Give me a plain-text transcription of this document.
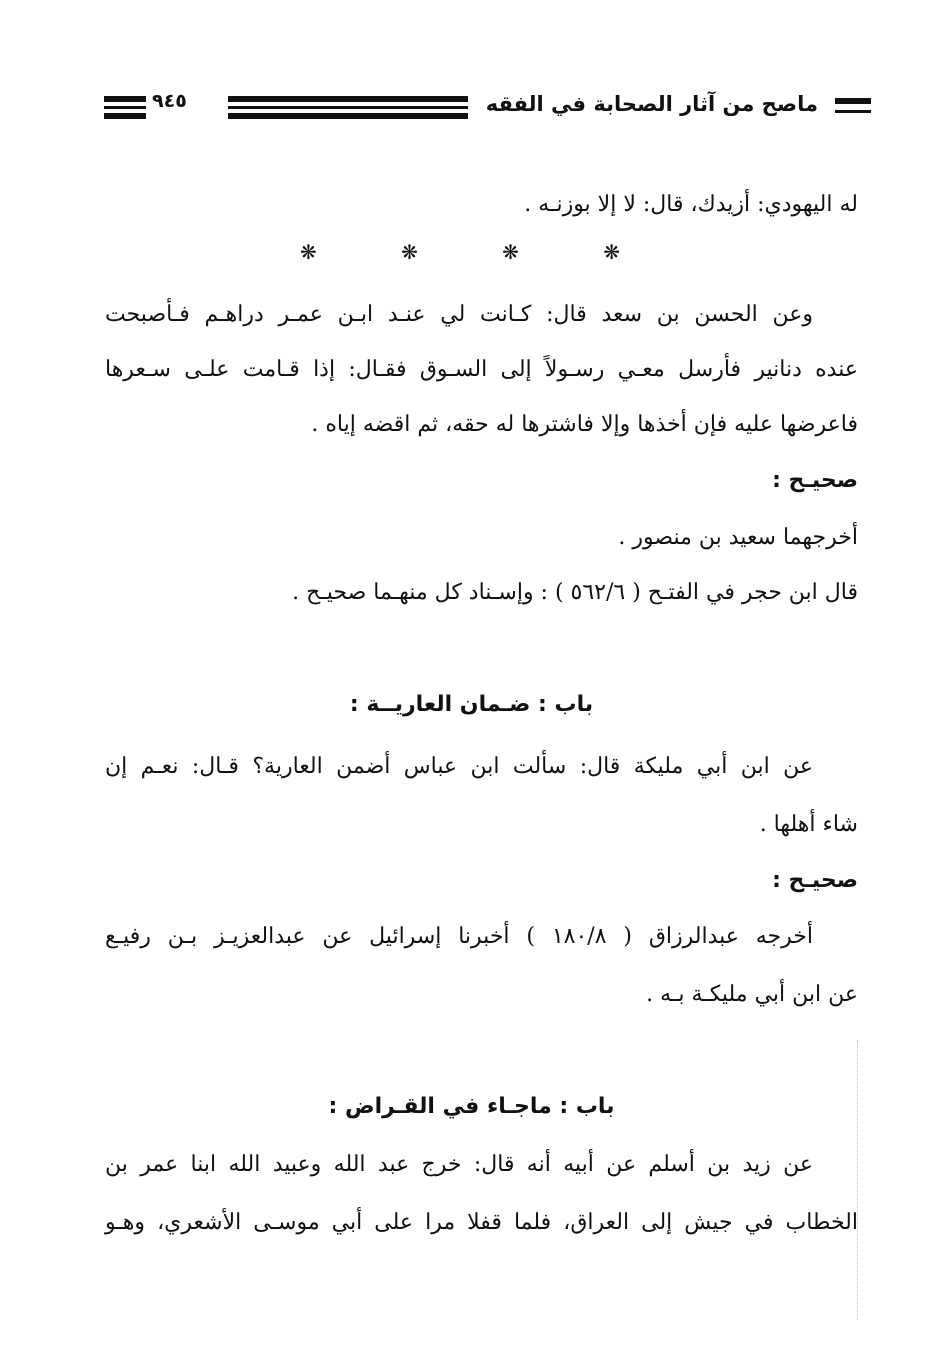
ماصح من آثار الصحابة في الفقه
٩٤٥
له اليهودي: أزيدك، قال: لا إلا بوزنـه .
❋	❋	❋	❋
وعن الحسن بن سعد قال: كـانت لي عنـد ابـن عمـر دراهـم فـأصبحت
عنده دنانير فأرسل معـي رسـولاً إلى السـوق فقـال: إذا قـامت علـى سـعرها
فاعرضها عليه فإن أخذها وإلا فاشترها له حقه، ثم اقضه إياه .
صحيـح :
أخرجهما سعيد بن منصور .
قال ابن حجر في الفتـح ( ٥٦٢/٦ ) : وإسـناد كل منهـما صحيـح .
باب : ضـمان العاريــة :
عن ابن أبي مليكة قال: سألت ابن عباس أضمن العارية؟ قـال: نعـم إن
شاء أهلها .
صحيـح :
أخرجه عبدالرزاق ( ١٨٠/٨ ) أخبرنا إسرائيل عن عبدالعزيـز بـن رفيـع
عن ابن أبي مليكـة بـه .
باب : ماجـاء في القـراض :
عن زيد بن أسلم عن أبيه أنه قال: خرج عبد الله وعبيد الله ابنا عمر بن
الخطاب في جيش إلى العراق، فلما قفلا مرا على أبي موسـى الأشعري، وهـو
